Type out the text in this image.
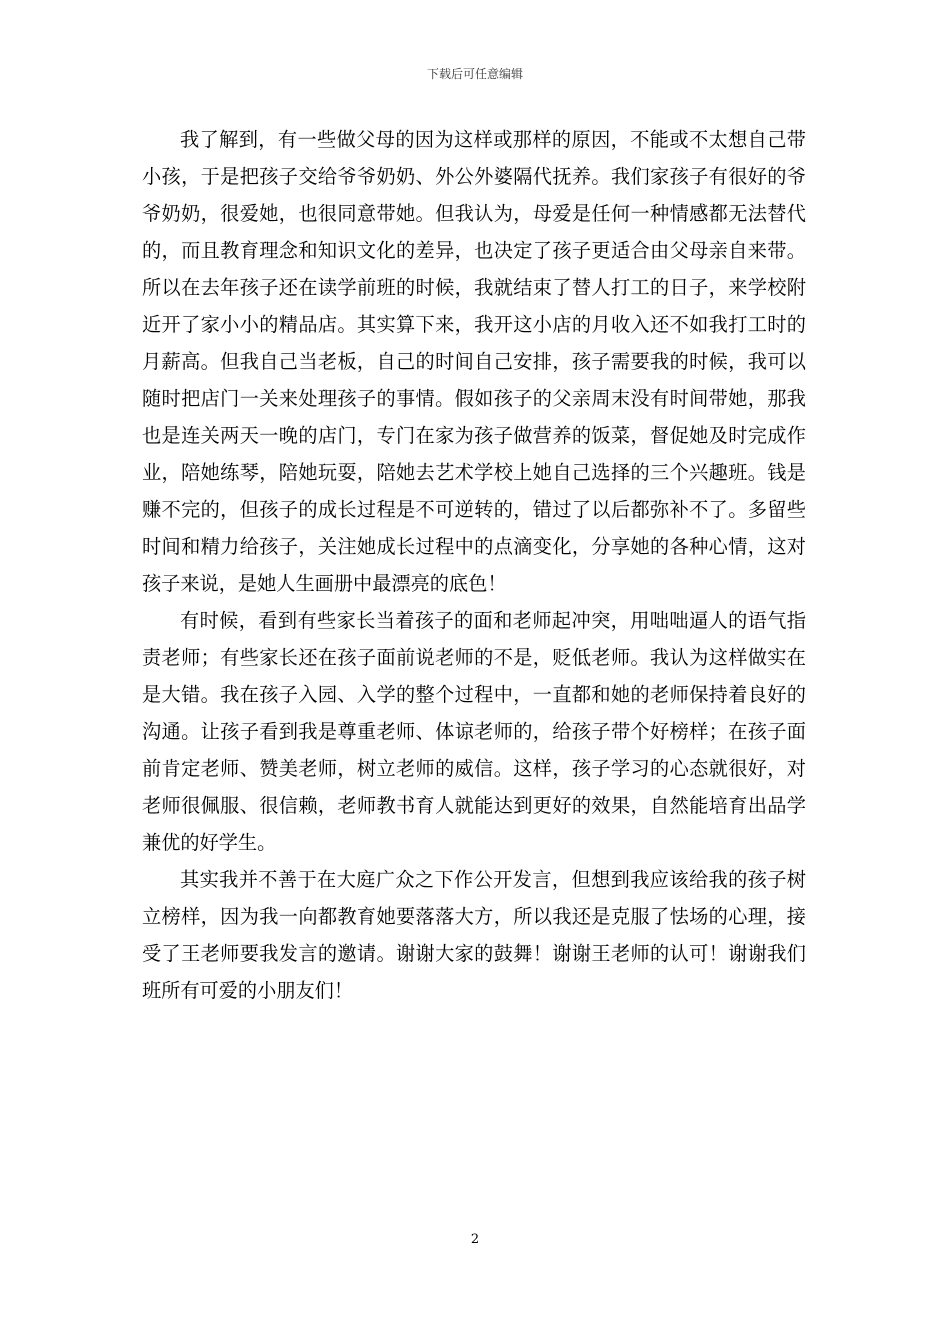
下载后可任意编辑
我了解到，有一些做父母的因为这样或那样的原因，不能或不太想自己带
小孩，于是把孩子交给爷爷奶奶、外公外婆隔代抚养。我们家孩子有很好的爷
爷奶奶，很爱她，也很同意带她。但我认为，母爱是任何一种情感都无法替代
的，而且教育理念和知识文化的差异，也决定了孩子更适合由父母亲自来带。
所以在去年孩子还在读学前班的时候，我就结束了替人打工的日子，来学校附
近开了家小小的精品店。其实算下来，我开这小店的月收入还不如我打工时的
月薪高。但我自己当老板，自己的时间自己安排，孩子需要我的时候，我可以
随时把店门一关来处理孩子的事情。假如孩子的父亲周末没有时间带她，那我
也是连关两天一晚的店门，专门在家为孩子做营养的饭菜，督促她及时完成作
业，陪她练琴，陪她玩耍，陪她去艺术学校上她自己选择的三个兴趣班。钱是
赚不完的，但孩子的成长过程是不可逆转的，错过了以后都弥补不了。多留些
时间和精力给孩子，关注她成长过程中的点滴变化，分享她的各种心情，这对
孩子来说，是她人生画册中最漂亮的底色！
有时候，看到有些家长当着孩子的面和老师起冲突，用咄咄逼人的语气指
责老师；有些家长还在孩子面前说老师的不是，贬低老师。我认为这样做实在
是大错。我在孩子入园、入学的整个过程中，一直都和她的老师保持着良好的
沟通。让孩子看到我是尊重老师、体谅老师的，给孩子带个好榜样；在孩子面
前肯定老师、赞美老师，树立老师的威信。这样，孩子学习的心态就很好，对
老师很佩服、很信赖，老师教书育人就能达到更好的效果，自然能培育出品学
兼优的好学生。
其实我并不善于在大庭广众之下作公开发言，但想到我应该给我的孩子树
立榜样，因为我一向都教育她要落落大方，所以我还是克服了怯场的心理，接
受了王老师要我发言的邀请。谢谢大家的鼓舞！谢谢王老师的认可！谢谢我们
班所有可爱的小朋友们！
2
